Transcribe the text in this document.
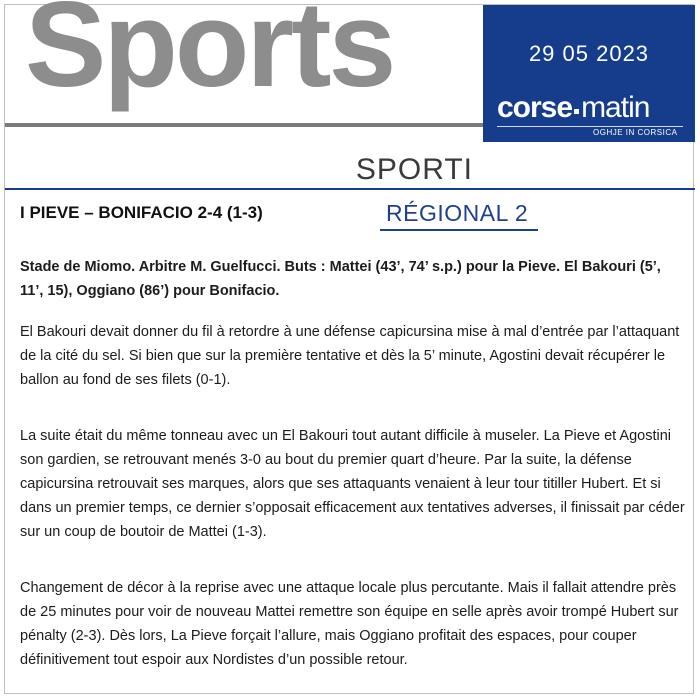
Sports
SPORTI
29 05 2023
corse matin
OGHJE IN CORSICA
I PIEVE – BONIFACIO 2-4 (1-3)	RÉGIONAL 2
Stade de Miomo. Arbitre M. Guelfucci. Buts : Mattei (43’, 74’ s.p.) pour la Pieve. El Bakouri (5’, 11’, 15), Oggiano (86’) pour Bonifacio.
El Bakouri devait donner du fil à retordre à une défense capicursina mise à mal d’entrée par l’attaquant de la cité du sel. Si bien que sur la première tentative et dès la 5’ minute, Agostini devait récupérer le ballon au fond de ses filets (0-1).
La suite était du même tonneau avec un El Bakouri tout autant difficile à museler. La Pieve et Agostini son gardien, se retrouvant menés 3-0 au bout du premier quart d’heure. Par la suite, la défense capicursina retrouvait ses marques, alors que ses attaquants venaient à leur tour titiller Hubert. Et si dans un premier temps, ce dernier s’opposait efficacement aux tentatives adverses, il finissait par céder sur un coup de boutoir de Mattei (1-3).
Changement de décor à la reprise avec une attaque locale plus percutante. Mais il fallait attendre près de 25 minutes pour voir de nouveau Mattei remettre son équipe en selle après avoir trompé Hubert sur pénalty (2-3). Dès lors, La Pieve forçait l’allure, mais Oggiano profitait des espaces, pour couper définitivement tout espoir aux Nordistes d’un possible retour.
